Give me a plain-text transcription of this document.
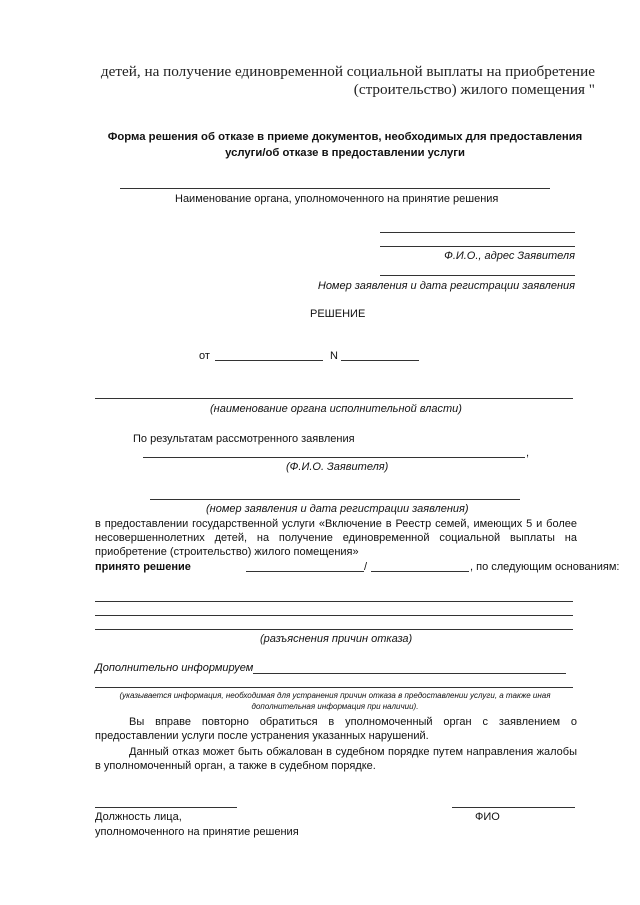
детей, на получение единовременной социальной выплаты на приобретение
(строительство) жилого помещения "
Форма решения об отказе в приеме документов, необходимых для предоставления услуги/об отказе в предоставлении услуги
Наименование органа, уполномоченного на принятие решения
Ф.И.О., адрес Заявителя
Номер заявления и дата регистрации заявления
РЕШЕНИЕ
от	N
(наименование органа исполнительной власти)
По результатам рассмотренного заявления
,
(Ф.И.О. Заявителя)
(номер заявления и дата регистрации заявления)
в предоставлении государственной услуги «Включение в Реестр семей, имеющих 5 и более несовершеннолетних детей, на получение единовременной социальной выплаты на приобретение (строительство) жилого помещения»
принято решение	/	, по следующим основаниям:
(разъяснения причин отказа)
Дополнительно информируем
(указывается информация, необходимая для устранения причин отказа в предоставлении услуги, а также иная дополнительная информация при наличии).
Вы вправе повторно обратиться в уполномоченный орган с заявлением о предоставлении услуги после устранения указанных нарушений.
Данный отказ может быть обжалован в судебном порядке путем направления жалобы в уполномоченный орган, а также в судебном порядке.
Должность лица,
уполномоченного на принятие решения
ФИО
